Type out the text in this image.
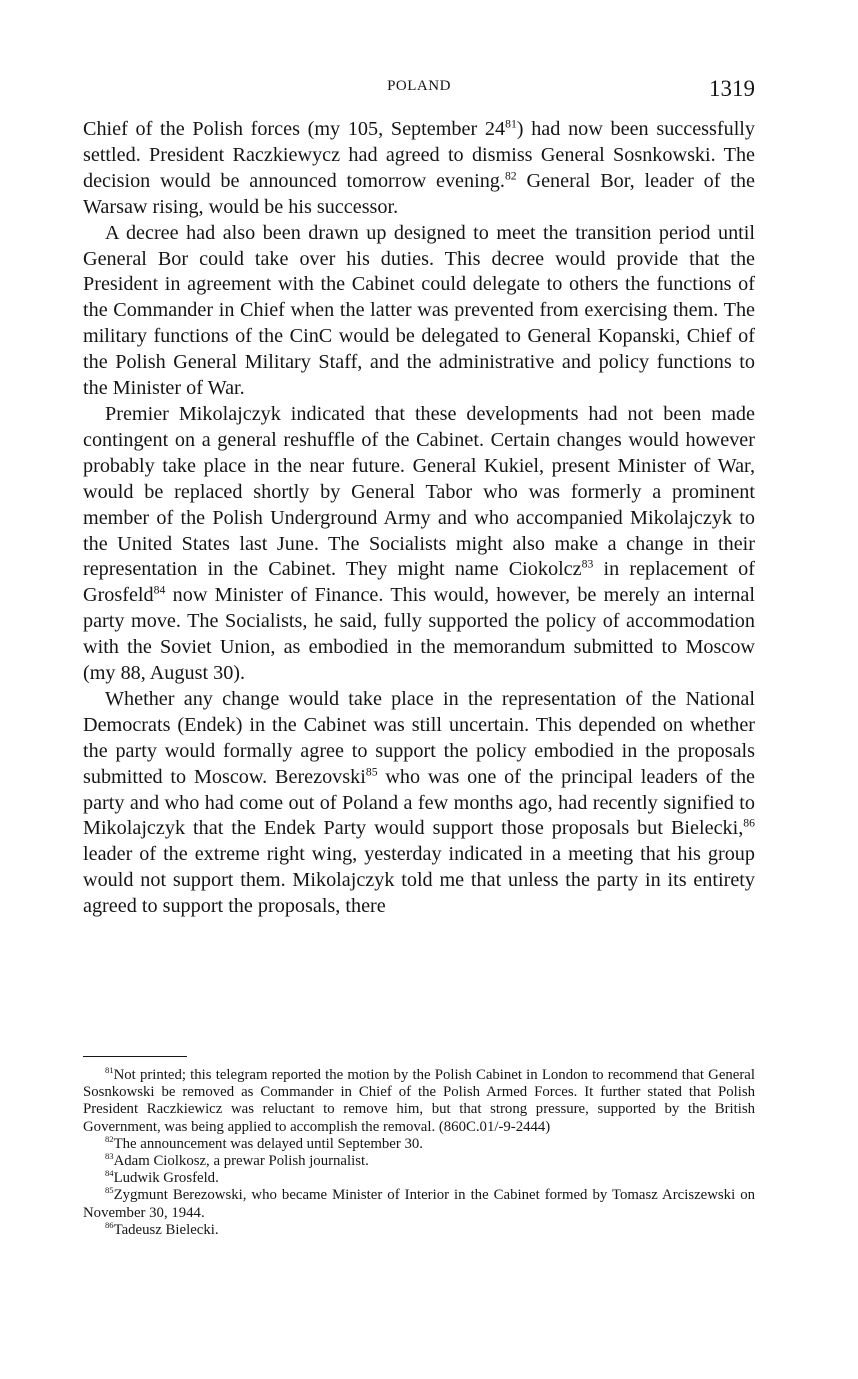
POLAND	1319

Chief of the Polish forces (my 105, September $24^{81}$) had now been successfully settled. President Raczkiewycz had agreed to dismiss General Sosnkowski. The decision would be announced tomorrow evening.$^{82}$ General Bor, leader of the Warsaw rising, would be his successor.

A decree had also been drawn up designed to meet the transition period until General Bor could take over his duties. This decree would provide that the President in agreement with the Cabinet could delegate to others the functions of the Commander in Chief when the latter was prevented from exercising them. The military functions of the CinC would be delegated to General Kopanski, Chief of the Polish General Military Staff, and the administrative and policy functions to the Minister of War.

Premier Mikolajczyk indicated that these developments had not been made contingent on a general reshuffle of the Cabinet. Certain changes would however probably take place in the near future. General Kukiel, present Minister of War, would be replaced shortly by General Tabor who was formerly a prominent member of the Polish Underground Army and who accompanied Mikolajczyk to the United States last June. The Socialists might also make a change in their representation in the Cabinet. They might name Ciokolcz$^{83}$ in replacement of Grosfeld$^{84}$ now Minister of Finance. This would, however, be merely an internal party move. The Socialists, he said, fully supported the policy of accommodation with the Soviet Union, as embodied in the memorandum submitted to Moscow (my 88, August 30).

Whether any change would take place in the representation of the National Democrats (Endek) in the Cabinet was still uncertain. This depended on whether the party would formally agree to support the policy embodied in the proposals submitted to Moscow. Berezovski$^{85}$ who was one of the principal leaders of the party and who had come out of Poland a few months ago, had recently signified to Mikolajczyk that the Endek Party would support those proposals but Bielecki,$^{86}$ leader of the extreme right wing, yesterday indicated in a meeting that his group would not support them. Mikolajczyk told me that unless the party in its entirety agreed to support the proposals, there

$^{81}$Not printed; this telegram reported the motion by the Polish Cabinet in London to recommend that General Sosnkowski be removed as Commander in Chief of the Polish Armed Forces. It further stated that Polish President Raczkiewicz was reluctant to remove him, but that strong pressure, supported by the British Government, was being applied to accomplish the removal. (860C.01/-9‑2444)

$^{82}$The announcement was delayed until September 30.

$^{83}$Adam Ciolkosz, a prewar Polish journalist.

$^{84}$Ludwik Grosfeld.

$^{85}$Zygmunt Berezowski, who became Minister of Interior in the Cabinet formed by Tomasz Arciszewski on November 30, 1944.

$^{86}$Tadeusz Bielecki.
